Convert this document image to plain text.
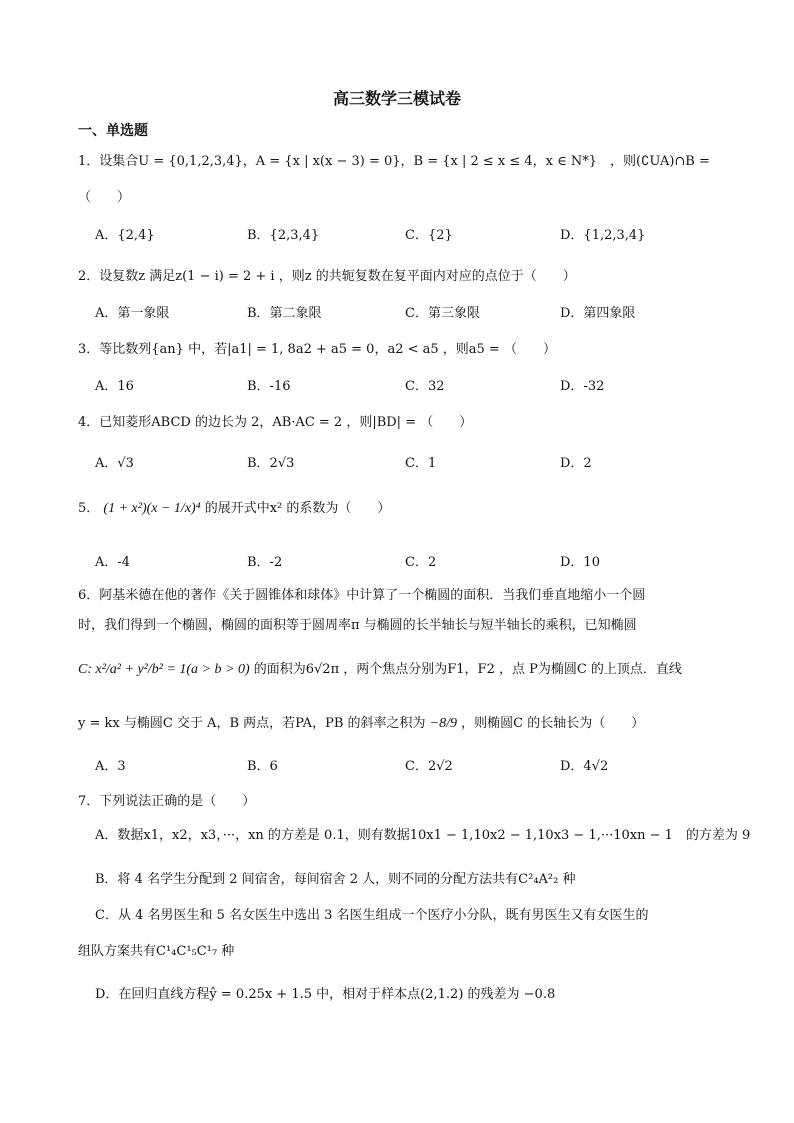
高三数学三模试卷
一、单选题
1．设集合U = {0,1,2,3,4}，A = {x | x(x − 3) = 0}，B = {x | 2 ≤ x ≤ 4，x ∈ N*}　，则(∁UA)∩B =
（　　）
A．{2,4}	B．{2,3,4}	C．{2}	D．{1,2,3,4}
2．设复数z 满足z(1 − i) = 2 + i ，则z 的共轭复数在复平面内对应的点位于（　　）
A．第一象限	B．第二象限	C．第三象限	D．第四象限
3．等比数列{an} 中，若|a1| = 1, 8a2 + a5 = 0，a2 < a5 ，则a5 = （　　）
A．16	B．-16	C．32	D．-32
4．已知菱形ABCD 的边长为 2，AB·AC = 2 ，则|BD| = （　　）
A．√3	B．2√3	C．1	D．2
5． (1 + x²)(x − 1/x)⁴ 的展开式中x² 的系数为（　　）
A．-4	B．-2	C．2	D．10
6．阿基米德在他的著作《关于圆锥体和球体》中计算了一个椭圆的面积．当我们垂直地缩小一个圆
时，我们得到一个椭圆，椭圆的面积等于圆周率π 与椭圆的长半轴长与短半轴长的乘积，已知椭圆
C: x²/a² + y²/b² = 1(a > b > 0) 的面积为6√2π ，两个焦点分别为F1，F2 ，点 P为椭圆C 的上顶点．直线
y = kx 与椭圆C 交于 A，B 两点，若PA，PB 的斜率之积为 −8/9 ，则椭圆C 的长轴长为（　　）
A．3	B．6	C．2√2	D．4√2
7．下列说法正确的是（　　）
A．数据x1，x2，x3，···，xn 的方差是 0.1，则有数据10x1 − 1,10x2 − 1,10x3 − 1,···10xn − 1　的方差为 9
B．将 4 名学生分配到 2 间宿舍，每间宿舍 2 人，则不同的分配方法共有C²₄A²₂ 种
C．从 4 名男医生和 5 名女医生中选出 3 名医生组成一个医疗小分队，既有男医生又有女医生的
组队方案共有C¹₄C¹₅C¹₇ 种
D．在回归直线方程ŷ = 0.25x + 1.5 中，相对于样本点(2,1.2) 的残差为 −0.8
